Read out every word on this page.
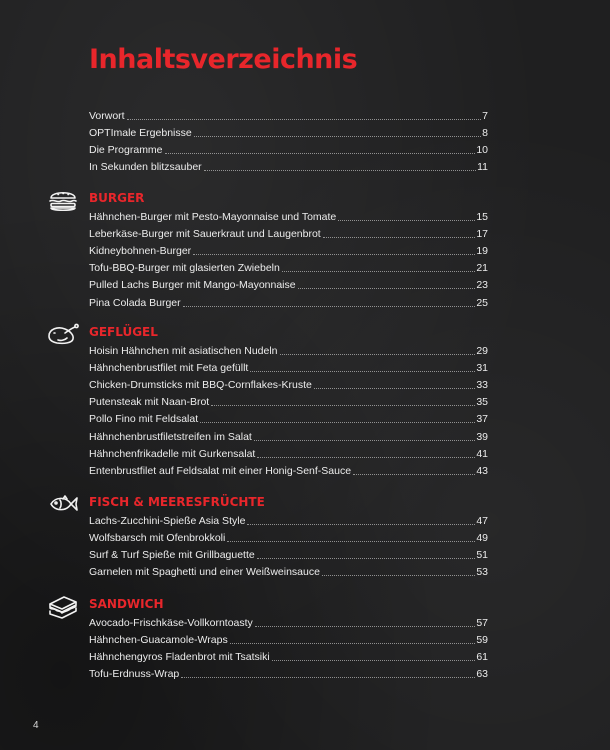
Inhaltsverzeichnis
Vorwort	7
OPTImale Ergebnisse	8
Die Programme	10
In Sekunden blitzsauber	11
BURGER
Hähnchen-Burger mit Pesto-Mayonnaise und Tomate	15
Leberkäse-Burger mit Sauerkraut und Laugenbrot	17
Kidneybohnen-Burger	19
Tofu-BBQ-Burger mit glasierten Zwiebeln	21
Pulled Lachs Burger mit Mango-Mayonnaise	23
Pina Colada Burger	25
GEFLÜGEL
Hoisin Hähnchen mit asiatischen Nudeln	29
Hähnchenbrustfilet mit Feta gefüllt	31
Chicken-Drumsticks mit BBQ-Cornflakes-Kruste	33
Putensteak mit Naan-Brot	35
Pollo Fino mit Feldsalat	37
Hähnchenbrustfiletstreifen im Salat	39
Hähnchenfrikadelle mit Gurkensalat	41
Entenbrustfilet auf Feldsalat mit einer Honig-Senf-Sauce	43
FISCH & MEERESFRÜCHTE
Lachs-Zucchini-Spieße Asia Style	47
Wolfsbarsch mit Ofenbrokkoli	49
Surf & Turf Spieße mit Grillbaguette	51
Garnelen mit Spaghetti und einer Weißweinsauce	53
SANDWICH
Avocado-Frischkäse-Vollkorntoasty	57
Hähnchen-Guacamole-Wraps	59
Hähnchengyros Fladenbrot mit Tsatsiki	61
Tofu-Erdnuss-Wrap	63
4
